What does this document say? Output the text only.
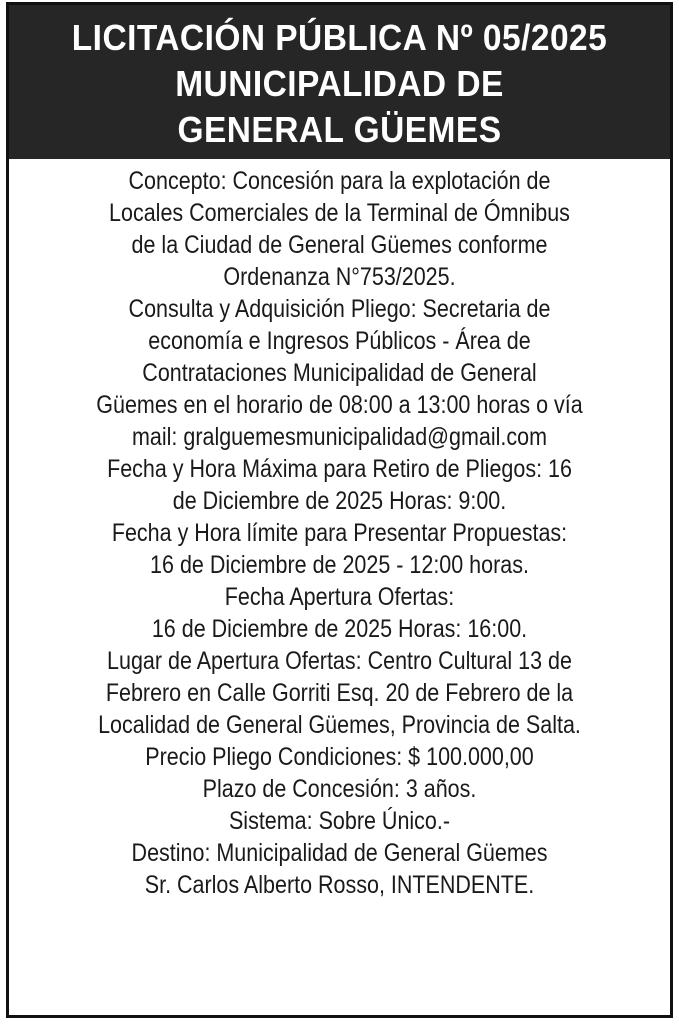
LICITACIÓN PÚBLICA Nº 05/2025
MUNICIPALIDAD DE
GENERAL GÜEMES
Concepto: Concesión para la explotación de
Locales Comerciales de la Terminal de Ómnibus
de la Ciudad de General Güemes conforme
Ordenanza N°753/2025.
Consulta y Adquisición Pliego: Secretaria de
economía e Ingresos Públicos - Área de
Contrataciones Municipalidad de General
Güemes en el horario de 08:00 a 13:00 horas o vía
mail: gralguemesmunicipalidad@gmail.com
Fecha y Hora Máxima para Retiro de Pliegos: 16
de Diciembre de 2025 Horas: 9:00.
Fecha y Hora límite para Presentar Propuestas:
16 de Diciembre de 2025 - 12:00 horas.
Fecha Apertura Ofertas:
16 de Diciembre de 2025 Horas: 16:00.
Lugar de Apertura Ofertas: Centro Cultural 13 de
Febrero en Calle Gorriti Esq. 20 de Febrero de la
Localidad de General Güemes, Provincia de Salta.
Precio Pliego Condiciones: $ 100.000,00
Plazo de Concesión: 3 años.
Sistema: Sobre Único.-
Destino: Municipalidad de General Güemes
Sr. Carlos Alberto Rosso, INTENDENTE.
